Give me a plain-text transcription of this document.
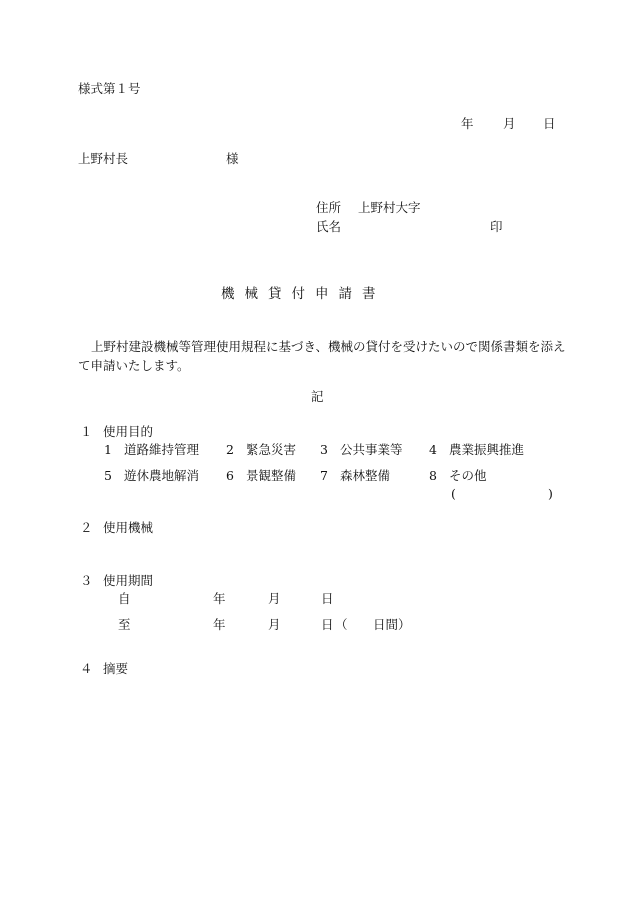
様式第１号
年 月 日
上野村長	様
住所 上野村大字
氏名	印
機械貸付申請書
上野村建設機械等管理使用規程に基づき、機械の貸付を受けたいので関係書類を添えて申請いたします。
記
１ 使用目的
1 道路維持管理 2 緊急災害 3 公共事業等 4 農業振興推進
5 遊休農地解消 6 景観整備 7 森林整備	8 その他
(	)
２ 使用機械
３ 使用期間
自	年	月	日
至	年	月	日 （ 日間）
４ 摘要
